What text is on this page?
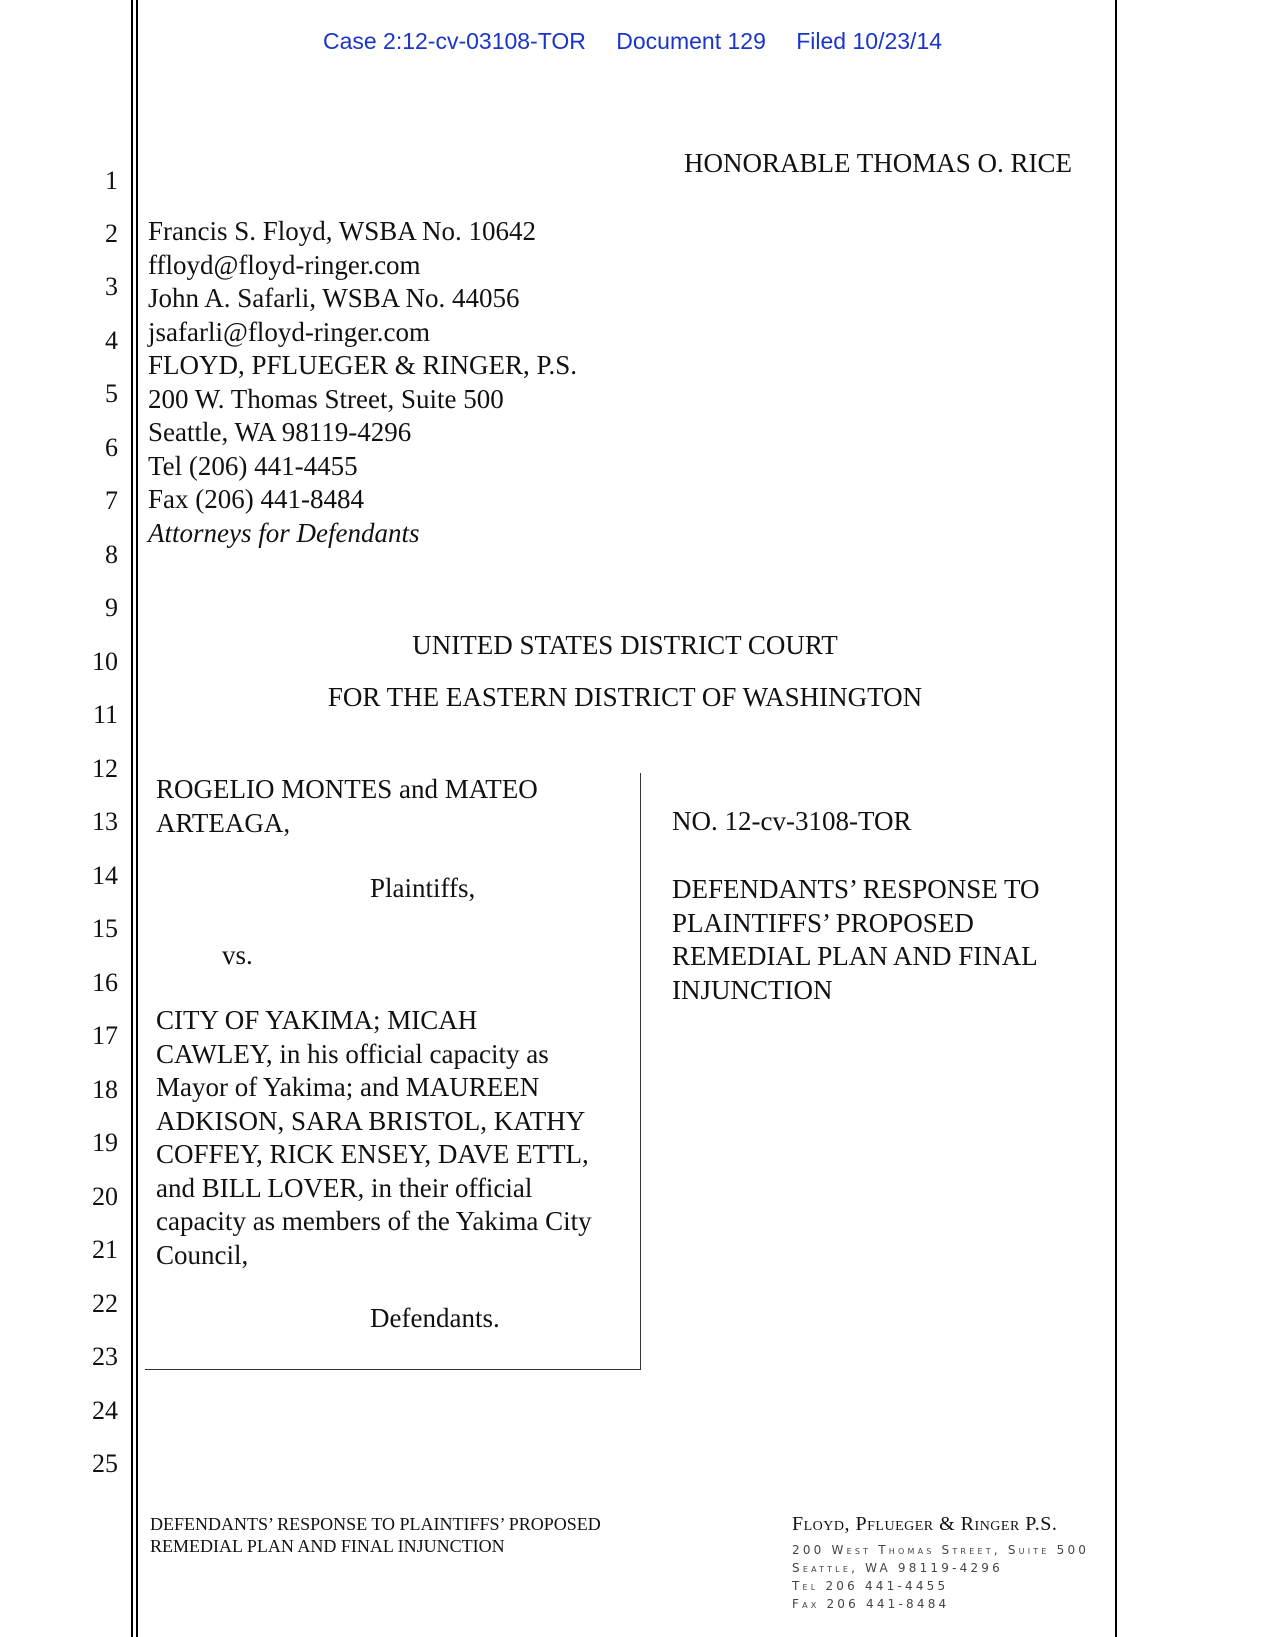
Case 2:12-cv-03108-TOR Document 129 Filed 10/23/14
1
2
3
4
5
6
7
8
9
10
11
12
13
14
15
16
17
18
19
20
21
22
23
24
25
HONORABLE THOMAS O. RICE
Francis S. Floyd, WSBA No. 10642
ffloyd@floyd-ringer.com
John A. Safarli, WSBA No. 44056
jsafarli@floyd-ringer.com
FLOYD, PFLUEGER & RINGER, P.S.
200 W. Thomas Street, Suite 500
Seattle, WA 98119-4296
Tel (206) 441-4455
Fax (206) 441-8484
Attorneys for Defendants
UNITED STATES DISTRICT COURT
FOR THE EASTERN DISTRICT OF WASHINGTON
ROGELIO MONTES and MATEO
ARTEAGA,
Plaintiffs,
vs.
CITY OF YAKIMA; MICAH
CAWLEY, in his official capacity as
Mayor of Yakima; and MAUREEN
ADKISON, SARA BRISTOL, KATHY
COFFEY, RICK ENSEY, DAVE ETTL,
and BILL LOVER, in their official
capacity as members of the Yakima City
Council,
Defendants.
NO. 12-cv-3108-TOR
DEFENDANTS’ RESPONSE TO
PLAINTIFFS’ PROPOSED
REMEDIAL PLAN AND FINAL
INJUNCTION
DEFENDANTS’ RESPONSE TO PLAINTIFFS’ PROPOSED
REMEDIAL PLAN AND FINAL INJUNCTION
Floyd, Pflueger & Ringer P.S.
200 West Thomas Street, Suite 500
Seattle, WA 98119-4296
Tel 206 441-4455
Fax 206 441-8484
